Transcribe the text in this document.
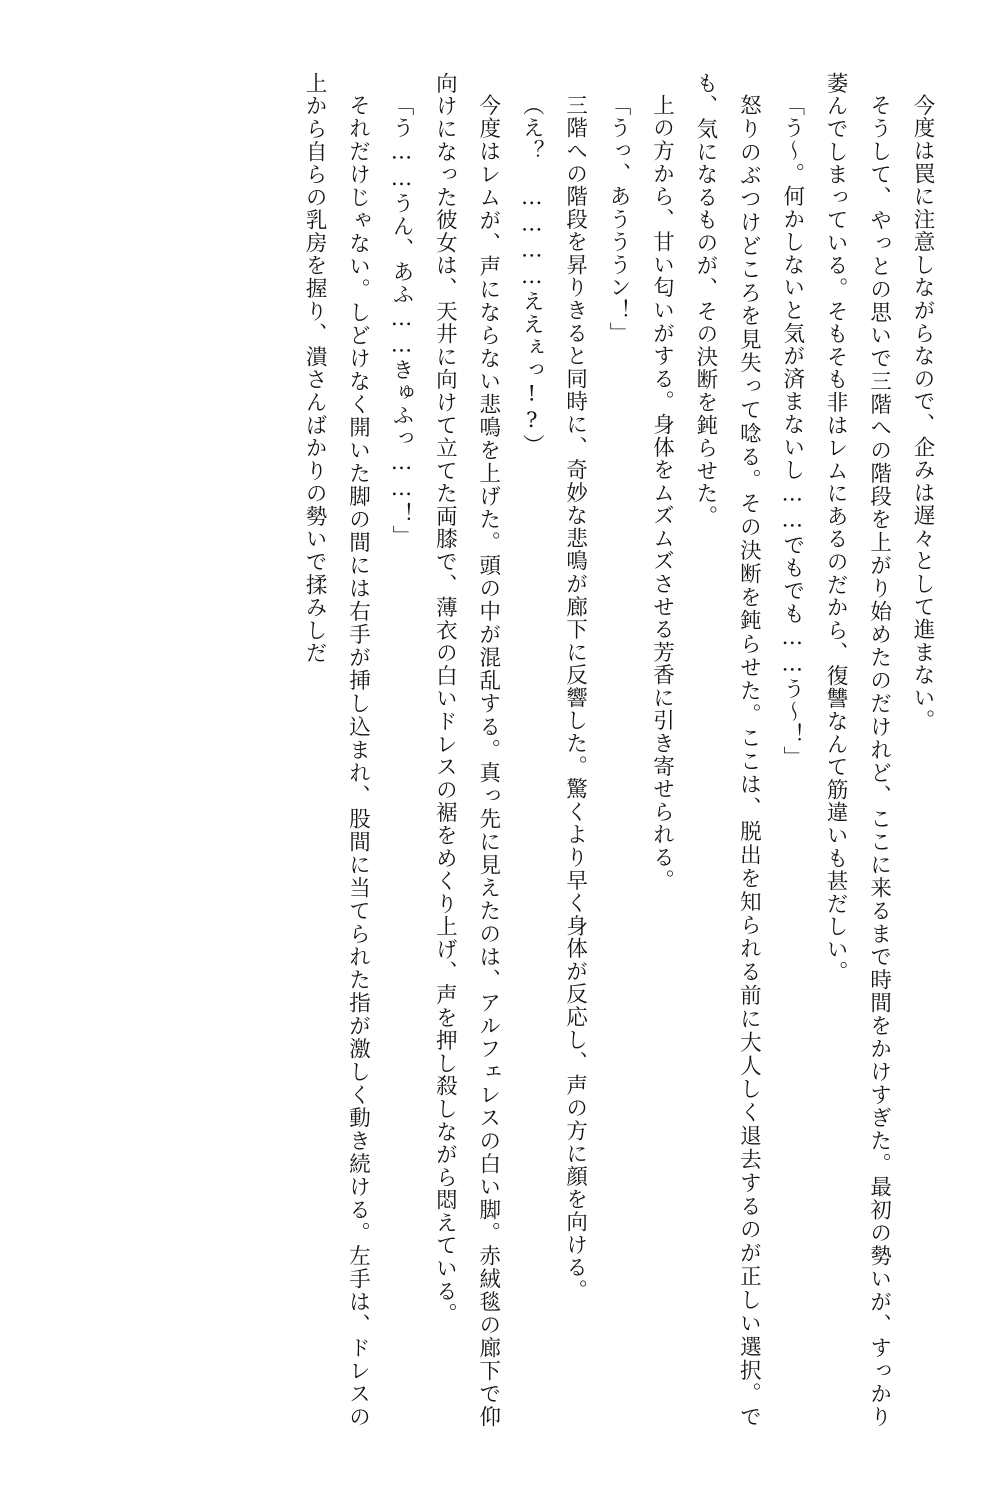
今度は罠に注意しながらなので、企みは遅々として進まない。

そうして、やっとの思いで三階への階段を上がり始めたのだけれど、ここに来るまで時間をかけすぎた。最初の勢いが、すっかり萎んでしまっている。そもそも非はレムにあるのだから、復讐なんて筋違いも甚だしい。

「う～。何かしないと気が済まないし……でもでも……う～！」

怒りのぶつけどころを見失って唸る。その決断を鈍らせた。ここは、脱出を知られる前に大人しく退去するのが正しい選択。でも、気になるものが、その決断を鈍らせた。

上の方から、甘い匂いがする。身体をムズムズさせる芳香に引き寄せられる。

「うっ、あうううン！」

三階への階段を昇りきると同時に、奇妙な悲鳴が廊下に反響した。驚くより早く身体が反応し、声の方に顔を向ける。

（え？　…………ええぇっ!?）

今度はレムが、声にならない悲鳴を上げた。頭の中が混乱する。真っ先に見えたのは、アルフェレスの白い脚。赤絨毯の廊下で仰向けになった彼女は、天井に向けて立てた両膝で、薄衣の白いドレスの裾をめくり上げ、声を押し殺しながら悶えている。

「う……うん、あふ……きゅふっ……！」

それだけじゃない。しどけなく開いた脚の間には右手が挿し込まれ、股間に当てられた指が激しく動き続ける。左手は、ドレスの上から自らの乳房を握り、潰さんばかりの勢いで揉みしだ
